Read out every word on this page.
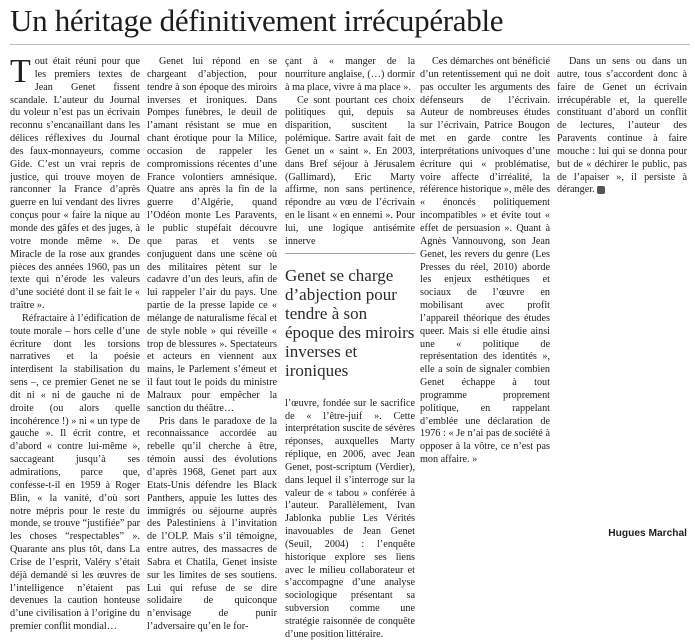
Un héritage définitivement irrécupérable

Tout était réuni pour que les premiers textes de Jean Genet fissent scandale. L’auteur du Journal du voleur n’est pas un écrivain reconnu s’encanaillant dans les délices réflexives du Journal des faux-monnayeurs, comme Gide. C’est un vrai repris de justice, qui trouve moyen de ranconner la France d’après guerre en lui vendant des livres conçus pour « faire la nique au monde des gâfes et des juges, à votre monde même ». De Miracle de la rose aux grandes pièces des années 1960, pas un texte qui n’érode les valeurs d’une société dont il se fait le « traître ».

Réfractaire à l’édification de toute morale – hors celle d’une écriture dont les torsions narratives et la poésie interdisent la stabilisation du sens –, ce premier Genet ne se dit ni « ni de gauche ni de droite (ou alors quelle incohérence !) » ni « un type de gauche ». Il écrit contre, et d’abord « contre lui-même », saccageant jusqu’à ses admirations, parce que, confesse-t-il en 1959 à Roger Blin, « la vanité, d’où sort notre mépris pour le reste du monde, se trouve “justifiée” par les choses “respectables” ». Quarante ans plus tôt, dans La Crise de l’esprit, Valéry s’était déjà demandé si les œuvres de l’intelligence n’étaient pas devenues la caution honteuse d’une civilisation à l’origine du premier conflit mondial…

Genet lui répond en se chargeant d’abjection, pour tendre à son époque des miroirs inverses et ironiques. Dans Pompes funèbres, le deuil de l’amant résistant se mue en chant érotique pour la Milice, occasion de rappeler les compromissions récentes d’une France volontiers amnésique. Quatre ans après la fin de la guerre d’Algérie, quand l’Odéon monte Les Paravents, le public stupéfait découvre que paras et vents se conjuguent dans une scène où des militaires pètent sur le cadavre d’un des leurs, afin de lui rappeler l’air du pays. Une partie de la presse lapide ce « mélange de naturalisme fécal et de style noble » qui réveille « trop de blessures ». Spectateurs et acteurs en viennent aux mains, le Parlement s’émeut et il faut tout le poids du ministre Malraux pour empêcher la sanction du théâtre…

Pris dans le paradoxe de la reconnaissance accordée au rebelle qu’il cherche à être, témoin aussi des évolutions d’après 1968, Genet part aux Etats-Unis défendre les Black Panthers, appuie les luttes des immigrés ou séjourne auprès des Palestiniens à l’invitation de l’OLP. Mais s’il témoigne, entre autres, des massacres de Sabra et Chatila, Genet insiste sur les limites de ses soutiens. Lui qui refuse de se dire solidaire de quiconque n’envisage de punir l’adversaire qu’en le for-

çant à « manger de la nourriture anglaise, (…) dormir à ma place, vivre à ma place ».

Ce sont pourtant ces choix politiques qui, depuis sa disparition, suscitent la polémique. Sartre avait fait de Genet un « saint ». En 2003, dans Bref séjour à Jérusalem (Gallimard), Eric Marty affirme, non sans pertinence, répondre au vœu de l’écrivain en le lisant « en ennemi ». Pour lui, une logique antisémite innerve

Genet se charge d’abjection pour tendre à son époque des miroirs inverses et ironiques

l’œuvre, fondée sur le sacrifice de « l’être-juif ». Cette interprétation suscite de sévères réponses, auxquelles Marty réplique, en 2006, avec Jean Genet, post-scriptum (Verdier), dans lequel il s’interroge sur la valeur de « tabou » conférée à l’auteur. Parallèlement, Ivan Jablonka publie Les Vérités inavouables de Jean Genet (Seuil, 2004) : l’enquête historique explore ses liens avec le milieu collaborateur et s’accompagne d’une analyse sociologique présentant sa subversion comme une stratégie raisonnée de conquête d’une position littéraire.

Ces démarches ont bénéficié d’un retentissement qui ne doit pas occulter les arguments des défenseurs de l’écrivain. Auteur de nombreuses études sur l’écrivain, Patrice Bougon met en garde contre les interprétations univoques d’une écriture qui « problématise, voire affecte d’irréalité, la référence historique », mêle des « énoncés politiquement incompatibles » et évite tout « effet de persuasion ». Quant à Agnès Vannouvong, son Jean Genet, les revers du genre (Les Presses du réel, 2010) aborde les enjeux esthétiques et sociaux de l’œuvre en mobilisant avec profit l’appareil théorique des études queer. Mais si elle étudie ainsi une « politique de représentation des identités », elle a soin de signaler combien Genet échappe à tout programme proprement politique, en rappelant d’emblée une déclaration de 1976 : « Je n’ai pas de société à opposer à la vôtre, ce n’est pas mon affaire. »

Dans un sens ou dans un autre, tous s’accordent donc à faire de Genet un écrivain irrécupérable et, la querelle constituant d’abord un conflit de lectures, l’auteur des Paravents continue à faire mouche : lui qui se donna pour but de « déchirer le public, pas de l’apaiser », il persiste à déranger.

Hugues Marchal
